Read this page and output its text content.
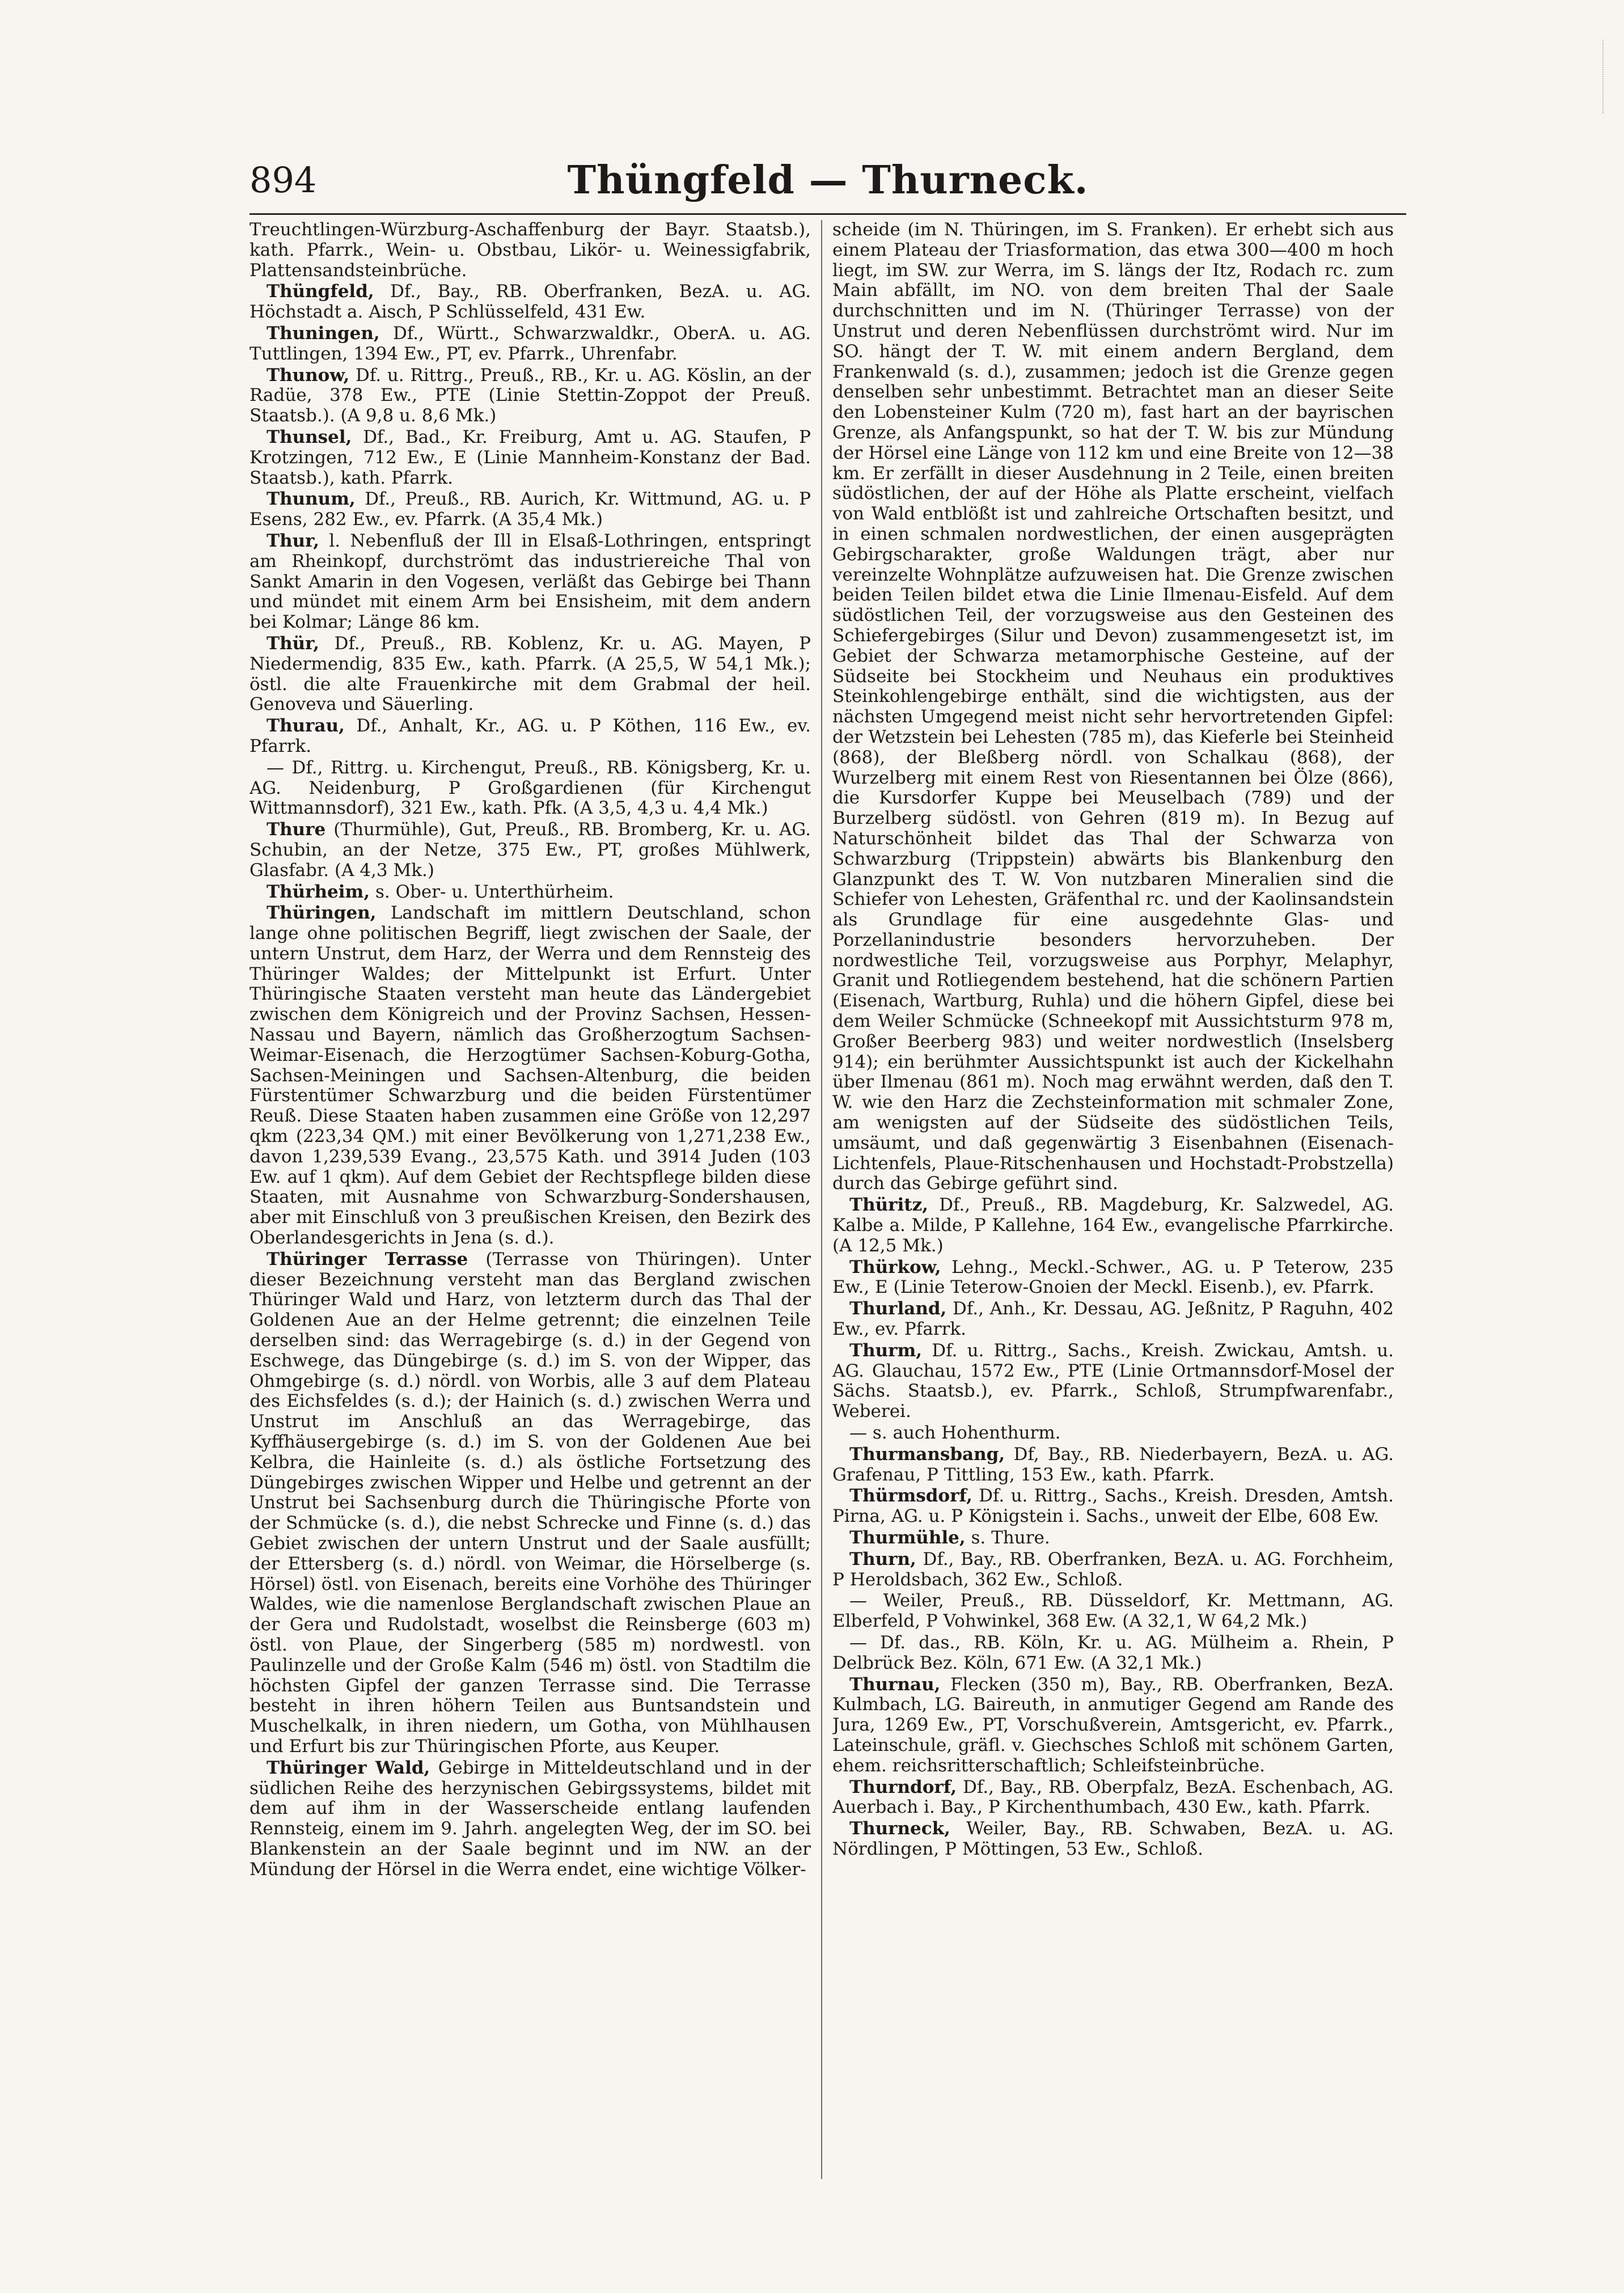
894	Thüngfeld — Thurneck.

Treuchtlingen-Würzburg-Aschaffenburg der Bayr. Staatsb.), kath. Pfarrk., Wein- u. Obstbau, Likör- u. Weinessigfabrik, Plattensandsteinbrüche.

Thüngfeld, Df., Bay., RB. Oberfranken, BezA. u. AG. Höchstadt a. Aisch, P Schlüsselfeld, 431 Ew.

Thuningen, Df., Württ., Schwarzwaldkr., OberA. u. AG. Tuttlingen, 1394 Ew., PT, ev. Pfarrk., Uhrenfabr.

Thunow, Df. u. Rittrg., Preuß., RB., Kr. u. AG. Köslin, an der Radüe, 378 Ew., PTE (Linie Stettin-Zoppot der Preuß. Staatsb.). (A 9,8 u. 8,6 Mk.)

Thunsel, Df., Bad., Kr. Freiburg, Amt u. AG. Staufen, P Krotzingen, 712 Ew., E (Linie Mannheim-Konstanz der Bad. Staatsb.), kath. Pfarrk.

Thunum, Df., Preuß., RB. Aurich, Kr. Wittmund, AG. u. P Esens, 282 Ew., ev. Pfarrk. (A 35,4 Mk.)

Thur, l. Nebenfluß der Ill in Elsaß-Lothringen, entspringt am Rheinkopf, durchströmt das industriereiche Thal von Sankt Amarin in den Vogesen, verläßt das Gebirge bei Thann und mündet mit einem Arm bei Ensisheim, mit dem andern bei Kolmar; Länge 86 km.

Thür, Df., Preuß., RB. Koblenz, Kr. u. AG. Mayen, P Niedermendig, 835 Ew., kath. Pfarrk. (A 25,5, W 54,1 Mk.); östl. die alte Frauenkirche mit dem Grabmal der heil. Genoveva und Säuerling.

Thurau, Df., Anhalt, Kr., AG. u. P Köthen, 116 Ew., ev. Pfarrk.

— Df., Rittrg. u. Kirchengut, Preuß., RB. Königsberg, Kr. u. AG. Neidenburg, P Großgardienen (für Kirchengut Wittmannsdorf), 321 Ew., kath. Pfk. (A 3,5, 4,3 u. 4,4 Mk.)

Thure (Thurmühle), Gut, Preuß., RB. Bromberg, Kr. u. AG. Schubin, an der Netze, 375 Ew., PT, großes Mühlwerk, Glasfabr. (A 4,3 Mk.)

Thürheim, s. Ober- u. Unterthürheim.

Thüringen, Landschaft im mittlern Deutschland, schon lange ohne politischen Begriff, liegt zwischen der Saale, der untern Unstrut, dem Harz, der Werra und dem Rennsteig des Thüringer Waldes; der Mittelpunkt ist Erfurt. Unter Thüringische Staaten versteht man heute das Ländergebiet zwischen dem Königreich und der Provinz Sachsen, Hessen-Nassau und Bayern, nämlich das Großherzogtum Sachsen-Weimar-Eisenach, die Herzogtümer Sachsen-Koburg-Gotha, Sachsen-Meiningen und Sachsen-Altenburg, die beiden Fürstentümer Schwarzburg und die beiden Fürstentümer Reuß. Diese Staaten haben zusammen eine Größe von 12,297 qkm (223,34 QM.) mit einer Bevölkerung von 1,271,238 Ew., davon 1,239,539 Evang., 23,575 Kath. und 3914 Juden (103 Ew. auf 1 qkm). Auf dem Gebiet der Rechtspflege bilden diese Staaten, mit Ausnahme von Schwarzburg-Sondershausen, aber mit Einschluß von 3 preußischen Kreisen, den Bezirk des Oberlandesgerichts in Jena (s. d.).

Thüringer Terrasse (Terrasse von Thüringen). Unter dieser Bezeichnung versteht man das Bergland zwischen Thüringer Wald und Harz, von letzterm durch das Thal der Goldenen Aue an der Helme getrennt; die einzelnen Teile derselben sind: das Werragebirge (s. d.) in der Gegend von Eschwege, das Düngebirge (s. d.) im S. von der Wipper, das Ohmgebirge (s. d.) nördl. von Worbis, alle 3 auf dem Plateau des Eichsfeldes (s. d.); der Hainich (s. d.) zwischen Werra und Unstrut im Anschluß an das Werragebirge, das Kyffhäusergebirge (s. d.) im S. von der Goldenen Aue bei Kelbra, die Hainleite (s. d.) als östliche Fortsetzung des Düngebirges zwischen Wipper und Helbe und getrennt an der Unstrut bei Sachsenburg durch die Thüringische Pforte von der Schmücke (s. d.), die nebst Schrecke und Finne (s. d.) das Gebiet zwischen der untern Unstrut und der Saale ausfüllt; der Ettersberg (s. d.) nördl. von Weimar, die Hörselberge (s. Hörsel) östl. von Eisenach, bereits eine Vorhöhe des Thüringer Waldes, wie die namenlose Berglandschaft zwischen Plaue an der Gera und Rudolstadt, woselbst die Reinsberge (603 m) östl. von Plaue, der Singerberg (585 m) nordwestl. von Paulinzelle und der Große Kalm (546 m) östl. von Stadtilm die höchsten Gipfel der ganzen Terrasse sind. Die Terrasse besteht in ihren höhern Teilen aus Buntsandstein und Muschelkalk, in ihren niedern, um Gotha, von Mühlhausen und Erfurt bis zur Thüringischen Pforte, aus Keuper.

Thüringer Wald, Gebirge in Mitteldeutschland und in der südlichen Reihe des herzynischen Gebirgssystems, bildet mit dem auf ihm in der Wasserscheide entlang laufenden Rennsteig, einem im 9. Jahrh. angelegten Weg, der im SO. bei Blankenstein an der Saale beginnt und im NW. an der Mündung der Hörsel in die Werra endet, eine wichtige Völker-

scheide (im N. Thüringen, im S. Franken). Er erhebt sich aus einem Plateau der Triasformation, das etwa 300—400 m hoch liegt, im SW. zur Werra, im S. längs der Itz, Rodach rc. zum Main abfällt, im NO. von dem breiten Thal der Saale durchschnitten und im N. (Thüringer Terrasse) von der Unstrut und deren Nebenflüssen durchströmt wird. Nur im SO. hängt der T. W. mit einem andern Bergland, dem Frankenwald (s. d.), zusammen; jedoch ist die Grenze gegen denselben sehr unbestimmt. Betrachtet man an dieser Seite den Lobensteiner Kulm (720 m), fast hart an der bayrischen Grenze, als Anfangspunkt, so hat der T. W. bis zur Mündung der Hörsel eine Länge von 112 km und eine Breite von 12—38 km. Er zerfällt in dieser Ausdehnung in 2 Teile, einen breiten südöstlichen, der auf der Höhe als Platte erscheint, vielfach von Wald entblößt ist und zahlreiche Ortschaften besitzt, und in einen schmalen nordwestlichen, der einen ausgeprägten Gebirgscharakter, große Waldungen trägt, aber nur vereinzelte Wohnplätze aufzuweisen hat. Die Grenze zwischen beiden Teilen bildet etwa die Linie Ilmenau-Eisfeld. Auf dem südöstlichen Teil, der vorzugsweise aus den Gesteinen des Schiefergebirges (Silur und Devon) zusammengesetzt ist, im Gebiet der Schwarza metamorphische Gesteine, auf der Südseite bei Stockheim und Neuhaus ein produktives Steinkohlengebirge enthält, sind die wichtigsten, aus der nächsten Umgegend meist nicht sehr hervortretenden Gipfel: der Wetzstein bei Lehesten (785 m), das Kieferle bei Steinheid (868), der Bleßberg nördl. von Schalkau (868), der Wurzelberg mit einem Rest von Riesentannen bei Ölze (866), die Kursdorfer Kuppe bei Meuselbach (789) und der Burzelberg südöstl. von Gehren (819 m). In Bezug auf Naturschönheit bildet das Thal der Schwarza von Schwarzburg (Trippstein) abwärts bis Blankenburg den Glanzpunkt des T. W. Von nutzbaren Mineralien sind die Schiefer von Lehesten, Gräfenthal rc. und der Kaolinsandstein als Grundlage für eine ausgedehnte Glas- und Porzellanindustrie besonders hervorzuheben. Der nordwestliche Teil, vorzugsweise aus Porphyr, Melaphyr, Granit und Rotliegendem bestehend, hat die schönern Partien (Eisenach, Wartburg, Ruhla) und die höhern Gipfel, diese bei dem Weiler Schmücke (Schneekopf mit Aussichtsturm 978 m, Großer Beerberg 983) und weiter nordwestlich (Inselsberg 914); ein berühmter Aussichtspunkt ist auch der Kickelhahn über Ilmenau (861 m). Noch mag erwähnt werden, daß den T. W. wie den Harz die Zechsteinformation mit schmaler Zone, am wenigsten auf der Südseite des südöstlichen Teils, umsäumt, und daß gegenwärtig 3 Eisenbahnen (Eisenach-Lichtenfels, Plaue-Ritschenhausen und Hochstadt-Probstzella) durch das Gebirge geführt sind.

Thüritz, Df., Preuß., RB. Magdeburg, Kr. Salzwedel, AG. Kalbe a. Milde, P Kallehne, 164 Ew., evangelische Pfarrkirche. (A 12,5 Mk.)

Thürkow, Lehng., Meckl.-Schwer., AG. u. P Teterow, 235 Ew., E (Linie Teterow-Gnoien der Meckl. Eisenb.), ev. Pfarrk.

Thurland, Df., Anh., Kr. Dessau, AG. Jeßnitz, P Raguhn, 402 Ew., ev. Pfarrk.

Thurm, Df. u. Rittrg., Sachs., Kreish. Zwickau, Amtsh. u. AG. Glauchau, 1572 Ew., PTE (Linie Ortmannsdorf-Mosel der Sächs. Staatsb.), ev. Pfarrk., Schloß, Strumpfwarenfabr., Weberei.

— s. auch Hohenthurm.

Thurmansbang, Df, Bay., RB. Niederbayern, BezA. u. AG. Grafenau, P Tittling, 153 Ew., kath. Pfarrk.

Thürmsdorf, Df. u. Rittrg., Sachs., Kreish. Dresden, Amtsh. Pirna, AG. u. P Königstein i. Sachs., unweit der Elbe, 608 Ew.

Thurmühle, s. Thure.

Thurn, Df., Bay., RB. Oberfranken, BezA. u. AG. Forchheim, P Heroldsbach, 362 Ew., Schloß.

— Weiler, Preuß., RB. Düsseldorf, Kr. Mettmann, AG. Elberfeld, P Vohwinkel, 368 Ew. (A 32,1, W 64,2 Mk.)

— Df. das., RB. Köln, Kr. u. AG. Mülheim a. Rhein, P Delbrück Bez. Köln, 671 Ew. (A 32,1 Mk.)

Thurnau, Flecken (350 m), Bay., RB. Oberfranken, BezA. Kulmbach, LG. Baireuth, in anmutiger Gegend am Rande des Jura, 1269 Ew., PT, Vorschußverein, Amtsgericht, ev. Pfarrk., Lateinschule, gräfl. v. Giechsches Schloß mit schönem Garten, ehem. reichsritterschaftlich; Schleifsteinbrüche.

Thurndorf, Df., Bay., RB. Oberpfalz, BezA. Eschenbach, AG. Auerbach i. Bay., P Kirchenthumbach, 430 Ew., kath. Pfarrk.

Thurneck, Weiler, Bay., RB. Schwaben, BezA. u. AG. Nördlingen, P Möttingen, 53 Ew., Schloß.
